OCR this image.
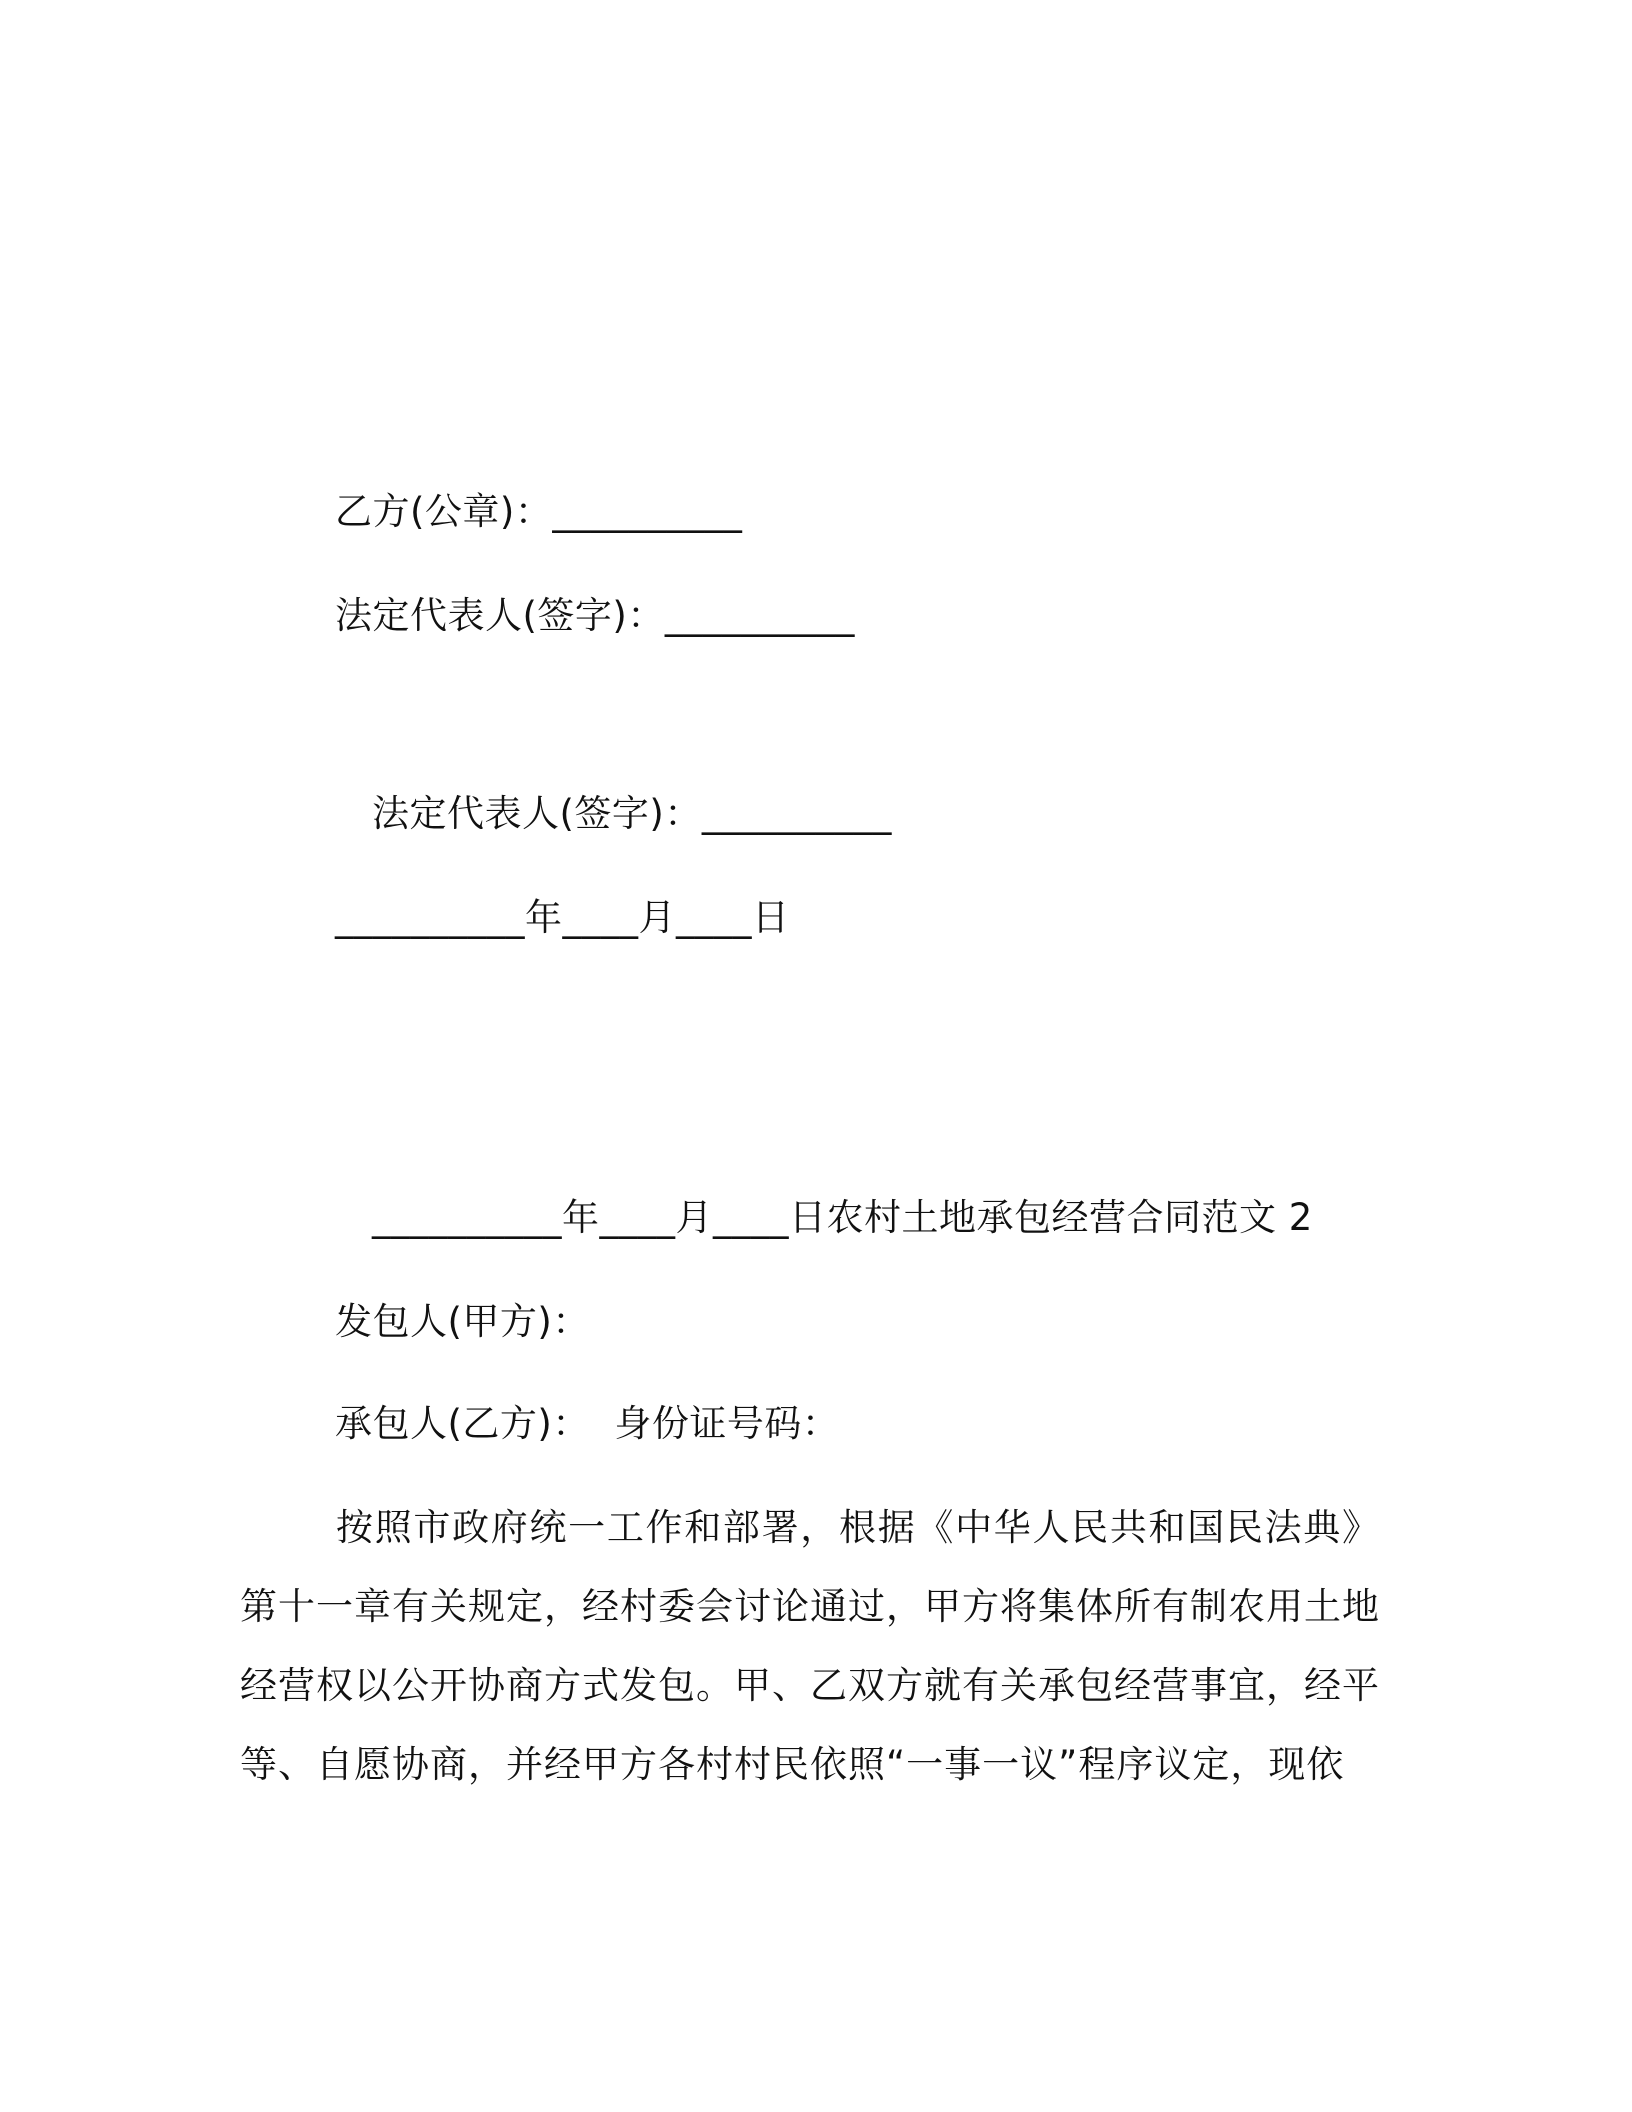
乙方(公章)：__________
法定代表人(签字)：__________
法定代表人(签字)：__________
__________年____月____日
__________年____月____日农村土地承包经营合同范文 2
发包人(甲方)：
承包人(乙方)：  身份证号码：
按照市政府统一工作和部署，根据《中华人民共和国民法典》第十一章有关规定，经村委会讨论通过，甲方将集体所有制农用土地经营权以公开协商方式发包。甲、乙双方就有关承包经营事宜，经平等、自愿协商，并经甲方各村村民依照“一事一议”程序议定，现依
